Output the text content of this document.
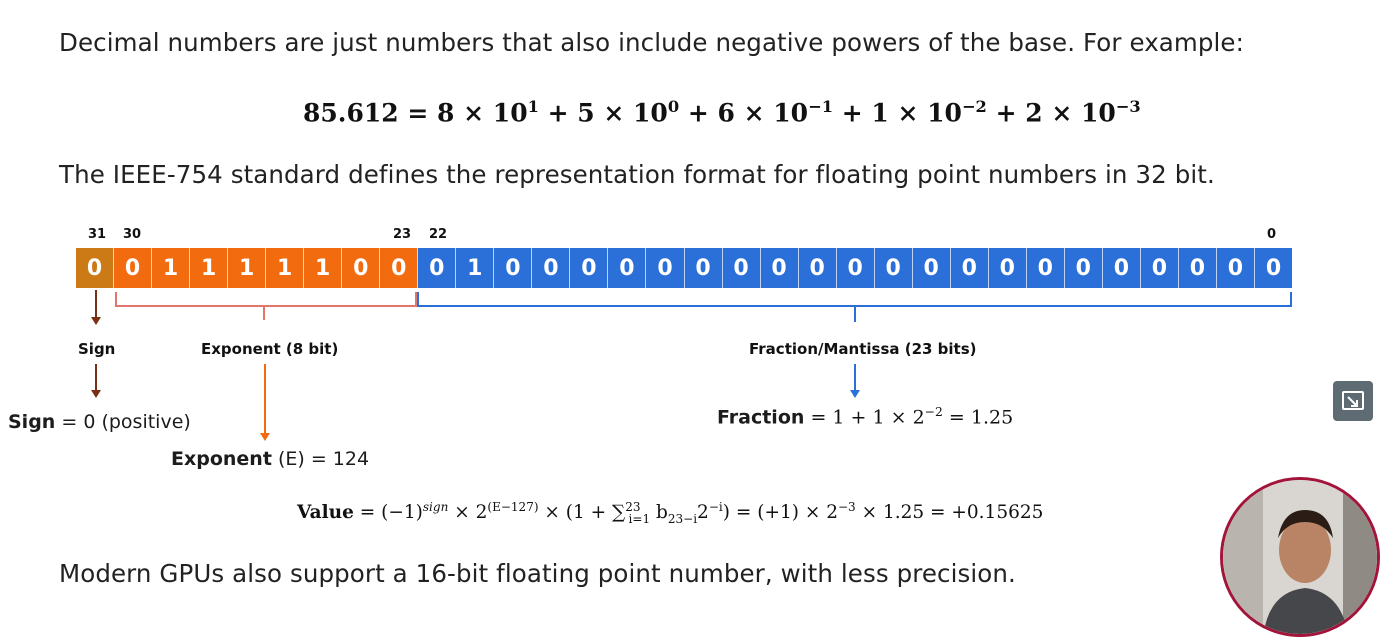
Decimal numbers are just numbers that also include negative powers of the base. For example:
$85.612 = 8 \times 10^1 + 5 \times 10^0 + 6 \times 10^{-1} + 1 \times 10^{-2} + 2 \times 10^{-3}$
The IEEE-754 standard defines the representation format for floating point numbers in 32 bit.
31 30	23 22	0
0	0	1	1	1	1	1	0	0	0	1	0	0	0	0	0	0	0	0	0	0	0	0	0	0	0	0	0	0	0	0	0
Sign	Exponent (8 bit)	Fraction/Mantissa (23 bits)
Sign = 0 (positive)
Exponent (E) = 124
Fraction = $1 + 1 \times 2^{-2} = 1.25$
Value = $(-1)^{sign} \times 2^{(E-127)} \times (1 + \sum^{23}_{i=1}$ $b_{23-i}2^{-i}) = (+1) \times 2^{-3} \times 1.25 = +0.15625$
Modern GPUs also support a 16-bit floating point number, with less precision.
